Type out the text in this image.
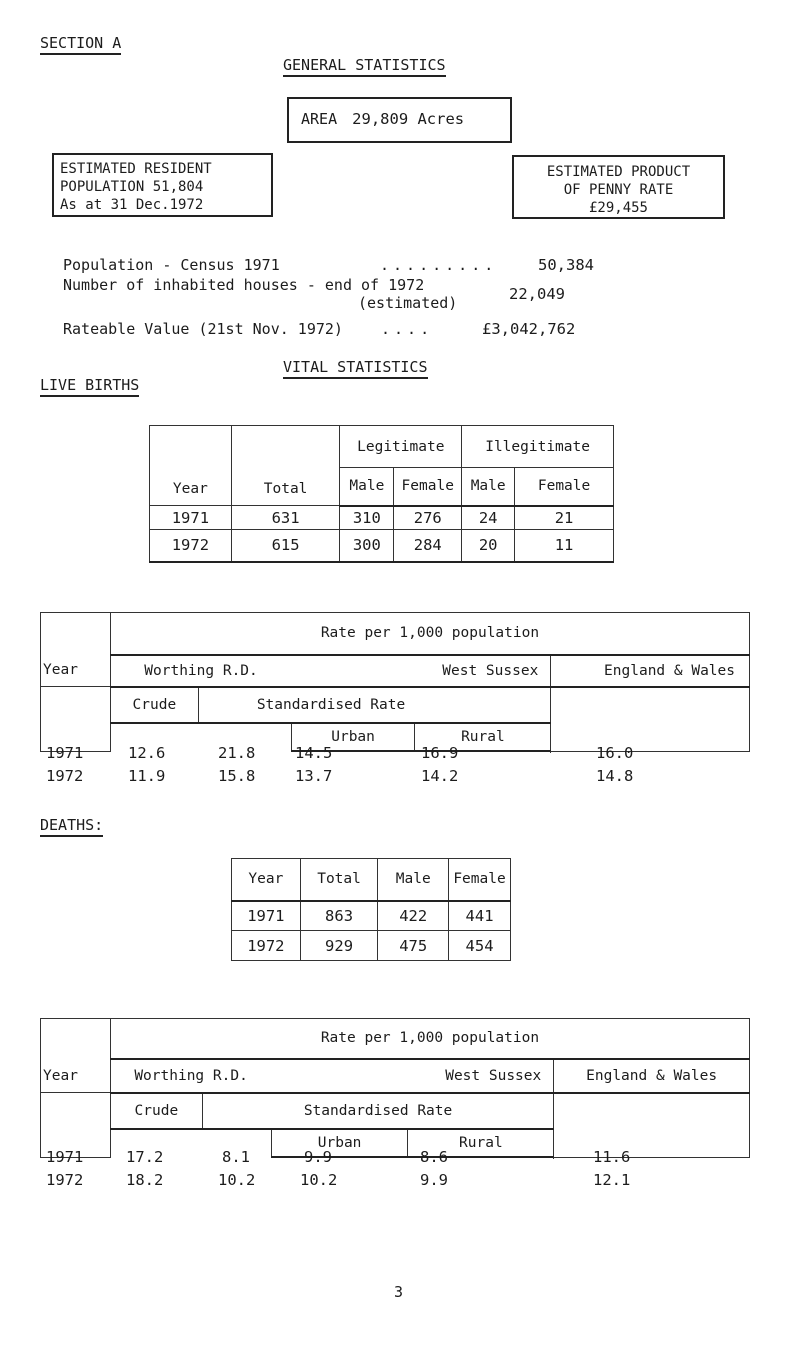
SECTION A
GENERAL STATISTICS
AREA 29,809 Acres
ESTIMATED RESIDENT
POPULATION 51,804
As at 31 Dec.1972
ESTIMATED PRODUCT
OF PENNY RATE
£29,455
Population - Census 1971	.........	50,384
Number of inhabited houses - end of 1972
(estimated)	22,049
Rateable Value (21st Nov. 1972)	....	£3,042,762
VITAL STATISTICS
LIVE BIRTHS
Year	Total	Legitimate		Illegitimate	
		Male	Female	Male	Female
1971	631	310	276	24	21
1972	615	300	284	20	11
Year	Rate per 1,000 population				
	Worthing R.D.		West Sussex		England & Wales
	Crude	Standardised Rate			
			Urban	Rural	

1971	12.6	21.8	14.5	16.9	16.0
1972	11.9	15.8	13.7	14.2	14.8
DEATHS:
Year	Total	Male	Female
1971	863	422	441
1972	929	475	454
Year	Rate per 1,000 population				
	Worthing R.D.		West Sussex		England & Wales
	Crude	Standardised Rate			
			Urban	Rural	

1971	17.2	8.1	9.9	8.6	11.6
1972	18.2	10.2	10.2	9.9	12.1
3
